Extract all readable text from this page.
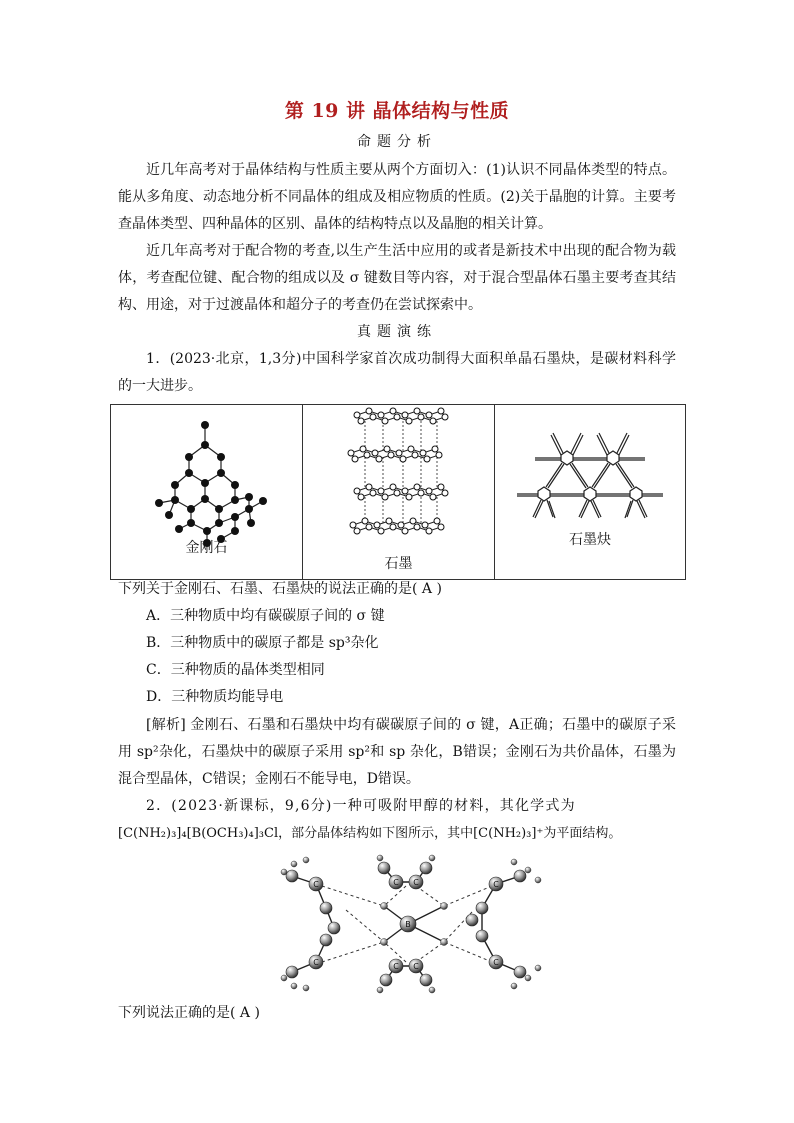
第 19 讲 晶体结构与性质
命题分析
近几年高考对于晶体结构与性质主要从两个方面切入：(1)认识不同晶体类型的特点。能从多角度、动态地分析不同晶体的组成及相应物质的性质。(2)关于晶胞的计算。主要考查晶体类型、四种晶体的区别、晶体的结构特点以及晶胞的相关计算。
近几年高考对于配合物的考查,以生产生活中应用的或者是新技术中出现的配合物为载体，考查配位键、配合物的组成以及 σ 键数目等内容，对于混合型晶体石墨主要考查其结构、用途，对于过渡晶体和超分子的考查仍在尝试探索中。
真题演练
1．(2023·北京，1,3分)中国科学家首次成功制得大面积单晶石墨炔，是碳材料科学的一大进步。
金刚石
石墨
石墨炔
下列关于金刚石、石墨、石墨炔的说法正确的是( A )
A．三种物质中均有碳碳原子间的 σ 键
B．三种物质中的碳原子都是 sp³杂化
C．三种物质的晶体类型相同
D．三种物质均能导电
[解析] 金刚石、石墨和石墨炔中均有碳碳原子间的 σ 键，A正确；石墨中的碳原子采用 sp²杂化，石墨炔中的碳原子采用 sp²和 sp 杂化，B错误；金刚石为共价晶体，石墨为混合型晶体，C错误；金刚石不能导电，D错误。
2．(2023·新课标，9,6分)一种可吸附甲醇的材料，其化学式为
[C(NH₂)₃]₄[B(OCH₃)₄]₃Cl，部分晶体结构如下图所示，其中[C(NH₂)₃]⁺为平面结构。
C
C
C C
C C
C
C
B
下列说法正确的是( A )
